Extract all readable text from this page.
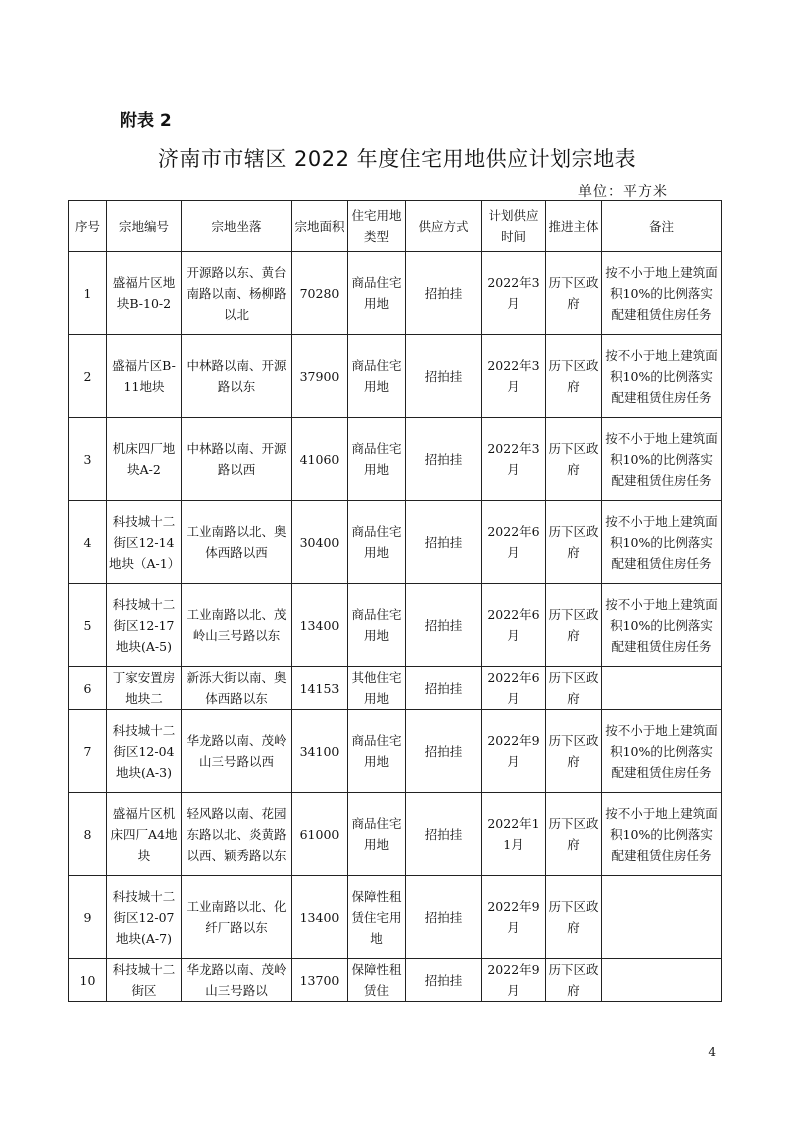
附表 2
济南市市辖区 2022 年度住宅用地供应计划宗地表
单位：平方米
序号	宗地编号	宗地坐落	宗地面积	住宅用地类型	供应方式	计划供应时间	推进主体	备注
1	盛福片区地块B-10-2	开源路以东、黄台南路以南、杨柳路以北	70280	商品住宅用地	招拍挂	2022年3月	历下区政府	按不小于地上建筑面积10%的比例落实配建租赁住房任务
2	盛福片区B-11地块	中林路以南、开源路以东	37900	商品住宅用地	招拍挂	2022年3月	历下区政府	按不小于地上建筑面积10%的比例落实配建租赁住房任务
3	机床四厂地块A-2	中林路以南、开源路以西	41060	商品住宅用地	招拍挂	2022年3月	历下区政府	按不小于地上建筑面积10%的比例落实配建租赁住房任务
4	科技城十二街区12-14地块（A-1）	工业南路以北、奥体西路以西	30400	商品住宅用地	招拍挂	2022年6月	历下区政府	按不小于地上建筑面积10%的比例落实配建租赁住房任务
5	科技城十二街区12-17地块(A-5)	工业南路以北、茂岭山三号路以东	13400	商品住宅用地	招拍挂	2022年6月	历下区政府	按不小于地上建筑面积10%的比例落实配建租赁住房任务
6	丁家安置房地块二	新泺大街以南、奥体西路以东	14153	其他住宅用地	招拍挂	2022年6月	历下区政府	
7	科技城十二街区12-04地块(A-3)	华龙路以南、茂岭山三号路以西	34100	商品住宅用地	招拍挂	2022年9月	历下区政府	按不小于地上建筑面积10%的比例落实配建租赁住房任务
8	盛福片区机床四厂A4地块	轻风路以南、花园东路以北、炎黄路以西、颖秀路以东	61000	商品住宅用地	招拍挂	2022年11月	历下区政府	按不小于地上建筑面积10%的比例落实配建租赁住房任务
9	科技城十二街区12-07地块(A-7)	工业南路以北、化纤厂路以东	13400	保障性租赁住宅用地	招拍挂	2022年9月	历下区政府	
10	科技城十二街区	华龙路以南、茂岭山三号路以	13700	保障性租赁住	招拍挂	2022年9月	历下区政府	
4
